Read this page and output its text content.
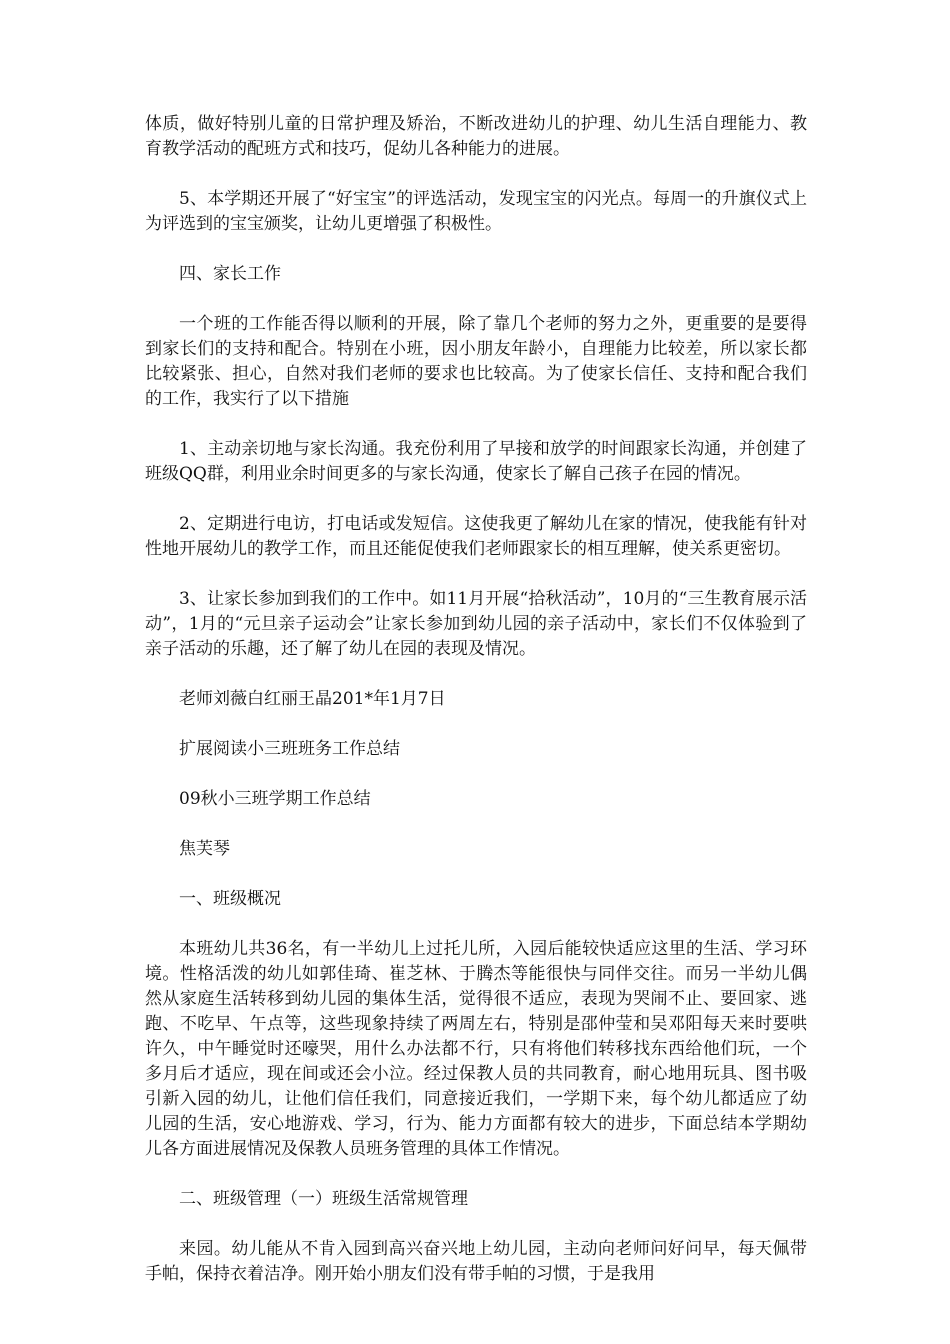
体质，做好特别儿童的日常护理及矫治，不断改进幼儿的护理、幼儿生活自理能力、教育教学活动的配班方式和技巧，促幼儿各种能力的进展。

5、本学期还开展了“好宝宝”的评选活动，发现宝宝的闪光点。每周一的升旗仪式上为评选到的宝宝颁奖，让幼儿更增强了积极性。

四、家长工作

一个班的工作能否得以顺利的开展，除了靠几个老师的努力之外，更重要的是要得到家长们的支持和配合。特别在小班，因小朋友年龄小，自理能力比较差，所以家长都比较紧张、担心，自然对我们老师的要求也比较高。为了使家长信任、支持和配合我们的工作，我实行了以下措施

1、主动亲切地与家长沟通。我充份利用了早接和放学的时间跟家长沟通，并创建了班级QQ群，利用业余时间更多的与家长沟通，使家长了解自己孩子在园的情况。

2、定期进行电访，打电话或发短信。这使我更了解幼儿在家的情况，使我能有针对性地开展幼儿的教学工作，而且还能促使我们老师跟家长的相互理解，使关系更密切。

3、让家长参加到我们的工作中。如11月开展“拾秋活动”，10月的“三生教育展示活动”，1月的“元旦亲子运动会”让家长参加到幼儿园的亲子活动中，家长们不仅体验到了亲子活动的乐趣，还了解了幼儿在园的表现及情况。

老师刘薇白红丽王晶201*年1月7日

扩展阅读小三班班务工作总结

09秋小三班学期工作总结

焦芙琴

一、班级概况

本班幼儿共36名，有一半幼儿上过托儿所，入园后能较快适应这里的生活、学习环境。性格活泼的幼儿如郭佳琦、崔芝林、于腾杰等能很快与同伴交往。而另一半幼儿偶然从家庭生活转移到幼儿园的集体生活，觉得很不适应，表现为哭闹不止、要回家、逃跑、不吃早、午点等，这些现象持续了两周左右，特别是邵仲莹和吴邓阳每天来时要哄许久，中午睡觉时还嚎哭，用什么办法都不行，只有将他们转移找东西给他们玩，一个多月后才适应，现在间或还会小泣。经过保教人员的共同教育，耐心地用玩具、图书吸引新入园的幼儿，让他们信任我们，同意接近我们，一学期下来，每个幼儿都适应了幼儿园的生活，安心地游戏、学习，行为、能力方面都有较大的进步，下面总结本学期幼儿各方面进展情况及保教人员班务管理的具体工作情况。

二、班级管理（一）班级生活常规管理

来园。幼儿能从不肯入园到高兴奋兴地上幼儿园，主动向老师问好问早，每天佩带手帕，保持衣着洁净。刚开始小朋友们没有带手帕的习惯，于是我用
